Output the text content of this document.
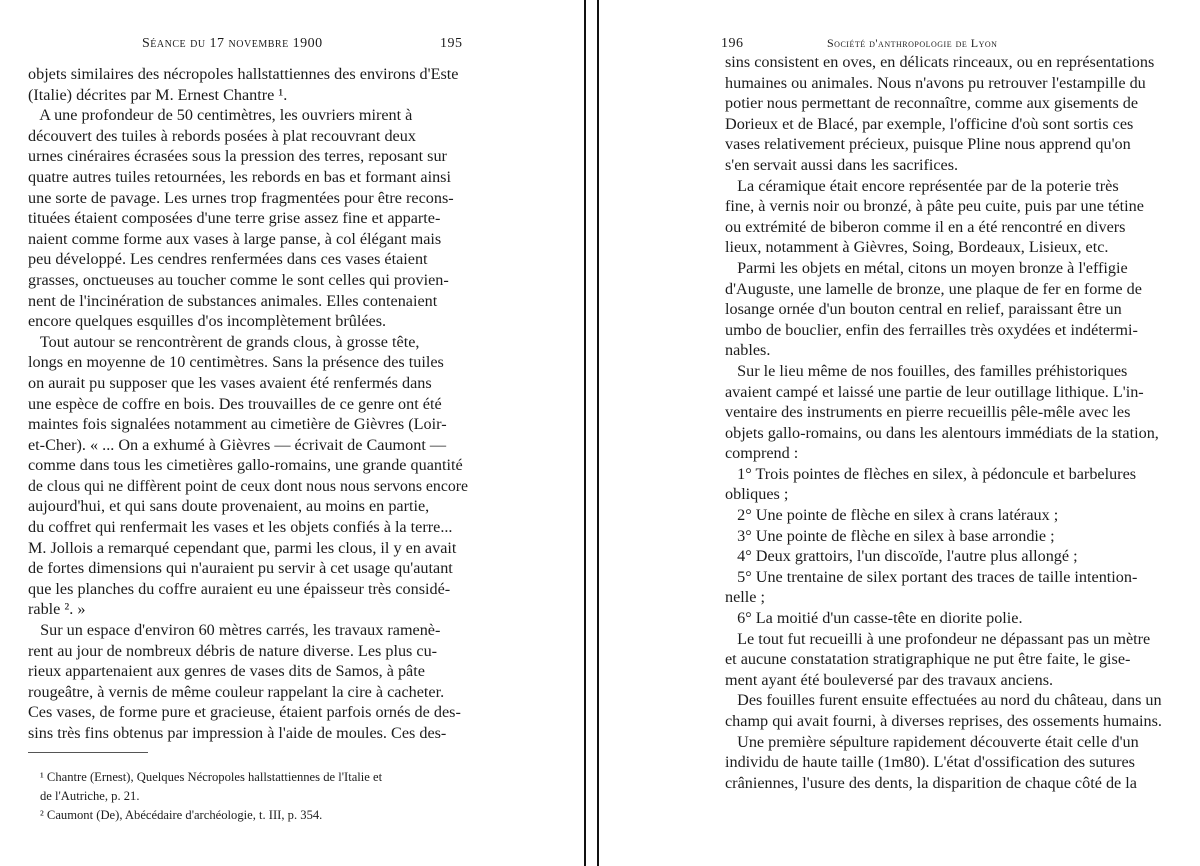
Séance du 17 novembre 1900	195
objets similaires des nécropoles hallstattiennes des environs d'Este
(Italie) décrites par M. Ernest Chantre ¹.
A une profondeur de 50 centimètres, les ouvriers mirent à
découvert des tuiles à rebords posées à plat recouvrant deux
urnes cinéraires écrasées sous la pression des terres, reposant sur
quatre autres tuiles retournées, les rebords en bas et formant ainsi
une sorte de pavage. Les urnes trop fragmentées pour être recons-
tituées étaient composées d'une terre grise assez fine et apparte-
naient comme forme aux vases à large panse, à col élégant mais
peu développé. Les cendres renfermées dans ces vases étaient
grasses, onctueuses au toucher comme le sont celles qui provien-
nent de l'incinération de substances animales. Elles contenaient
encore quelques esquilles d'os incomplètement brûlées.
Tout autour se rencontrèrent de grands clous, à grosse tête,
longs en moyenne de 10 centimètres. Sans la présence des tuiles
on aurait pu supposer que les vases avaient été renfermés dans
une espèce de coffre en bois. Des trouvailles de ce genre ont été
maintes fois signalées notamment au cimetière de Gièvres (Loir-
et-Cher). « ... On a exhumé à Gièvres — écrivait de Caumont —
comme dans tous les cimetières gallo-romains, une grande quantité
de clous qui ne diffèrent point de ceux dont nous nous servons encore
aujourd'hui, et qui sans doute provenaient, au moins en partie,
du coffret qui renfermait les vases et les objets confiés à la terre...
M. Jollois a remarqué cependant que, parmi les clous, il y en avait
de fortes dimensions qui n'auraient pu servir à cet usage qu'autant
que les planches du coffre auraient eu une épaisseur très considé-
rable ². »
Sur un espace d'environ 60 mètres carrés, les travaux ramenè-
rent au jour de nombreux débris de nature diverse. Les plus cu-
rieux appartenaient aux genres de vases dits de Samos, à pâte
rougeâtre, à vernis de même couleur rappelant la cire à cacheter.
Ces vases, de forme pure et gracieuse, étaient parfois ornés de des-
sins très fins obtenus par impression à l'aide de moules. Ces des-
¹ Chantre (Ernest), Quelques Nécropoles hallstattiennes de l'Italie et
de l'Autriche, p. 21.
² Caumont (De), Abécédaire d'archéologie, t. III, p. 354.
196	Société d'anthropologie de Lyon
sins consistent en oves, en délicats rinceaux, ou en représentations
humaines ou animales. Nous n'avons pu retrouver l'estampille du
potier nous permettant de reconnaître, comme aux gisements de
Dorieux et de Blacé, par exemple, l'officine d'où sont sortis ces
vases relativement précieux, puisque Pline nous apprend qu'on
s'en servait aussi dans les sacrifices.
La céramique était encore représentée par de la poterie très
fine, à vernis noir ou bronzé, à pâte peu cuite, puis par une tétine
ou extrémité de biberon comme il en a été rencontré en divers
lieux, notamment à Gièvres, Soing, Bordeaux, Lisieux, etc.
Parmi les objets en métal, citons un moyen bronze à l'effigie
d'Auguste, une lamelle de bronze, une plaque de fer en forme de
losange ornée d'un bouton central en relief, paraissant être un
umbo de bouclier, enfin des ferrailles très oxydées et indétermi-
nables.
Sur le lieu même de nos fouilles, des familles préhistoriques
avaient campé et laissé une partie de leur outillage lithique. L'in-
ventaire des instruments en pierre recueillis pêle-mêle avec les
objets gallo-romains, ou dans les alentours immédiats de la station,
comprend :
1° Trois pointes de flèches en silex, à pédoncule et barbelures
obliques ;
2° Une pointe de flèche en silex à crans latéraux ;
3° Une pointe de flèche en silex à base arrondie ;
4° Deux grattoirs, l'un discoïde, l'autre plus allongé ;
5° Une trentaine de silex portant des traces de taille intention-
nelle ;
6° La moitié d'un casse-tête en diorite polie.
Le tout fut recueilli à une profondeur ne dépassant pas un mètre
et aucune constatation stratigraphique ne put être faite, le gise-
ment ayant été bouleversé par des travaux anciens.
Des fouilles furent ensuite effectuées au nord du château, dans un
champ qui avait fourni, à diverses reprises, des ossements humains.
Une première sépulture rapidement découverte était celle d'un
individu de haute taille (1m80). L'état d'ossification des sutures
crâniennes, l'usure des dents, la disparition de chaque côté de la
